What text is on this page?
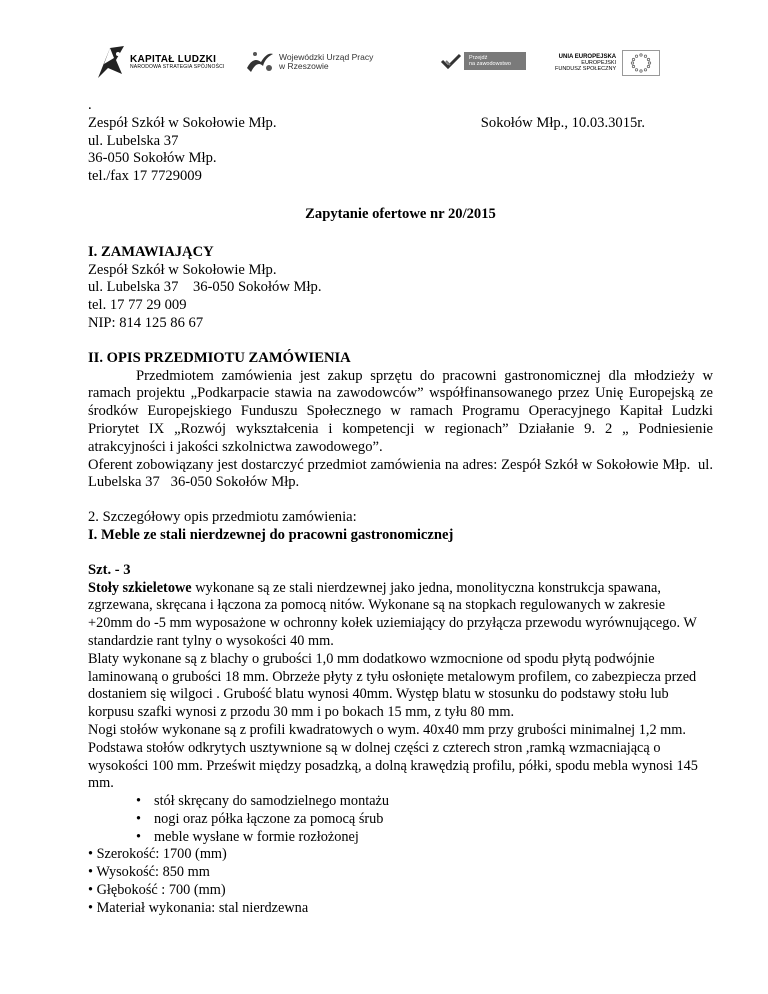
KAPITAŁ LUDZKI
NARODOWA STRATEGIA SPÓJNOŚCI
Wojewódzki Urząd Pracy
w Rzeszowie
Przejdź
na zawodowstwo
UNIA EUROPEJSKA
EUROPEJSKI
FUNDUSZ SPOŁECZNY
.
Zespół Szkół w Sokołowie Młp.	Sokołów Młp., 10.03.3015r.
ul. Lubelska 37
36-050 Sokołów Młp.
tel./fax 17 7729009
Zapytanie ofertowe nr 20/2015
I. ZAMAWIAJĄCY
Zespół Szkół w Sokołowie Młp.
ul. Lubelska 37    36-050 Sokołów Młp.
tel. 17 77 29 009
NIP: 814 125 86 67
II. OPIS PRZEDMIOTU ZAMÓWIENIA
Przedmiotem zamówienia jest zakup sprzętu do pracowni gastronomicznej dla młodzieży w ramach projektu „Podkarpacie stawia na zawodowców” współfinansowanego przez Unię Europejską ze środków Europejskiego Funduszu Społecznego w ramach Programu Operacyjnego Kapitał Ludzki Priorytet IX „Rozwój wykształcenia i kompetencji w regionach” Działanie 9. 2 „ Podniesienie atrakcyjności i jakości szkolnictwa zawodowego”.
Oferent zobowiązany jest dostarczyć przedmiot zamówienia na adres: Zespół Szkół w Sokołowie Młp.  ul. Lubelska 37   36-050 Sokołów Młp.
2. Szczegółowy opis przedmiotu zamówienia:
I. Meble ze stali nierdzewnej do pracowni gastronomicznej
Szt. - 3
Stoły szkieletowe wykonane są ze stali nierdzewnej jako jedna, monolityczna konstrukcja spawana, zgrzewana, skręcana i łączona za pomocą nitów. Wykonane są na stopkach regulowanych w zakresie +20mm do -5 mm wyposażone w ochronny kołek uziemiający do przyłącza przewodu wyrównującego. W standardzie rant tylny o wysokości 40 mm.
Blaty wykonane są z blachy o grubości 1,0 mm dodatkowo wzmocnione od spodu płytą podwójnie laminowaną o grubości 18 mm. Obrzeże płyty z tyłu osłonięte metalowym profilem, co zabezpiecza przed dostaniem się wilgoci . Grubość blatu wynosi 40mm. Występ blatu w stosunku do podstawy stołu lub korpusu szafki wynosi z przodu 30 mm i po bokach 15 mm, z tyłu 80 mm.
Nogi stołów wykonane są z profili kwadratowych o wym. 40x40 mm przy grubości minimalnej 1,2 mm. Podstawa stołów odkrytych usztywnione są w dolnej części z czterech stron ,ramką wzmacniającą o wysokości 100 mm. Prześwit między posadzką, a dolną krawędzią profilu, półki, spodu mebla wynosi 145 mm.
• stół skręcany do samodzielnego montażu
• nogi oraz półka łączone za pomocą śrub
• meble wysłane w formie rozłożonej
• Szerokość: 1700 (mm)
• Wysokość: 850 mm
• Głębokość : 700 (mm)
• Materiał wykonania: stal nierdzewna
